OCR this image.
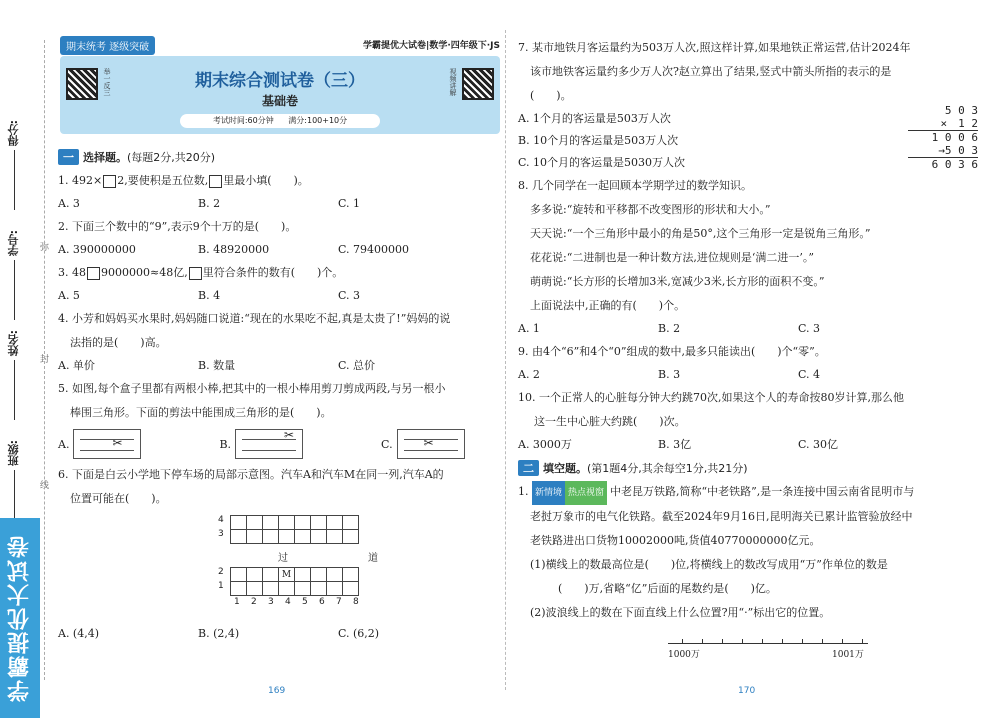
得分:
学号:
姓名:
班级:
弥
封
线
学霸提优大试卷
期末统考 逐级突破	学霸提优大试卷|数学·四年级下·JS
举一反三	期末综合测试卷（三）
基础卷
考试时间:60分钟 满分:100+10分
视频讲解
一 选择题。(每题2分,共20分)
1. 492× 2,要使积是五位数, 里最小填(　　)。
A. 3	B. 2	C. 1
2. 下面三个数中的“9”,表示9个十万的是(　　)。
A. 390000000	B. 48920000	C. 79400000
3. 48 9000000≈48亿, 里符合条件的数有(　　)个。
A. 5	B. 4	C. 3
4. 小芳和妈妈买水果时,妈妈随口说道:“现在的水果吃不起,真是太贵了!”妈妈的说
法指的是(　　)高。
A. 单价	B. 数量	C. 总价
5. 如图,每个盒子里都有两根小棒,把其中的一根小棒用剪刀剪成两段,与另一根小
棒围三角形。下面的剪法中能围成三角形的是(　　)。
A.	✂	B.
✂
C.	✂
6. 下面是白云小学地下停车场的局部示意图。汽车A和汽车M在同一列,汽车A的
位置可能在(　　)。
4
3

过	道
2
1
			M				

1 2 3 4 5 6 7 8
A. (4,4)	B. (2,4)	C. (6,2)
169
7. 某市地铁月客运量约为503万人次,照这样计算,如果地铁正常运营,估计2024年
该市地铁客运量约多少万人次?赵立算出了结果,竖式中箭头所指的表示的是
(　　)。
A. 1个月的客运量是503万人次
B. 10个月的客运量是503万人次
C. 10个月的客运量是5030万人次
5 0 3
×　1 2
1 0 0 6
→5 0 3　
6 0 3 6
8. 几个同学在一起回顾本学期学过的数学知识。
多多说:“旋转和平移都不改变图形的形状和大小。”
天天说:“一个三角形中最小的角是50°,这个三角形一定是锐角三角形。”
花花说:“二进制也是一种计数方法,进位规则是‘满二进一’。”
萌萌说:“长方形的长增加3米,宽减少3米,长方形的面积不变。”
上面说法中,正确的有(　　)个。
A. 1	B. 2	C. 3
9. 由4个“6”和4个“0”组成的数中,最多只能读出(　　)个“零”。
A. 2	B. 3	C. 4
10. 一个正常人的心脏每分钟大约跳70次,如果这个人的寿命按80岁计算,那么他
这一生中心脏大约跳(　　)次。
A. 3000万	B. 3亿	C. 30亿
二 填空题。(第1题4分,其余每空1分,共21分)
1. 新情境 热点视窗 中老昆万铁路,简称“中老铁路”,是一条连接中国云南省昆明市与
老挝万象市的电气化铁路。截至2024年9月16日,昆明海关已累计监管验放经中
老铁路进出口货物10002000吨,货值40770000000亿元。
(1)横线上的数最高位是(　　)位,将横线上的数改写成用“万”作单位的数是
(　　)万,省略“亿”后面的尾数约是(　　)亿。
(2)波浪线上的数在下面直线上什么位置?用“·”标出它的位置。
1000万	1001万
170
